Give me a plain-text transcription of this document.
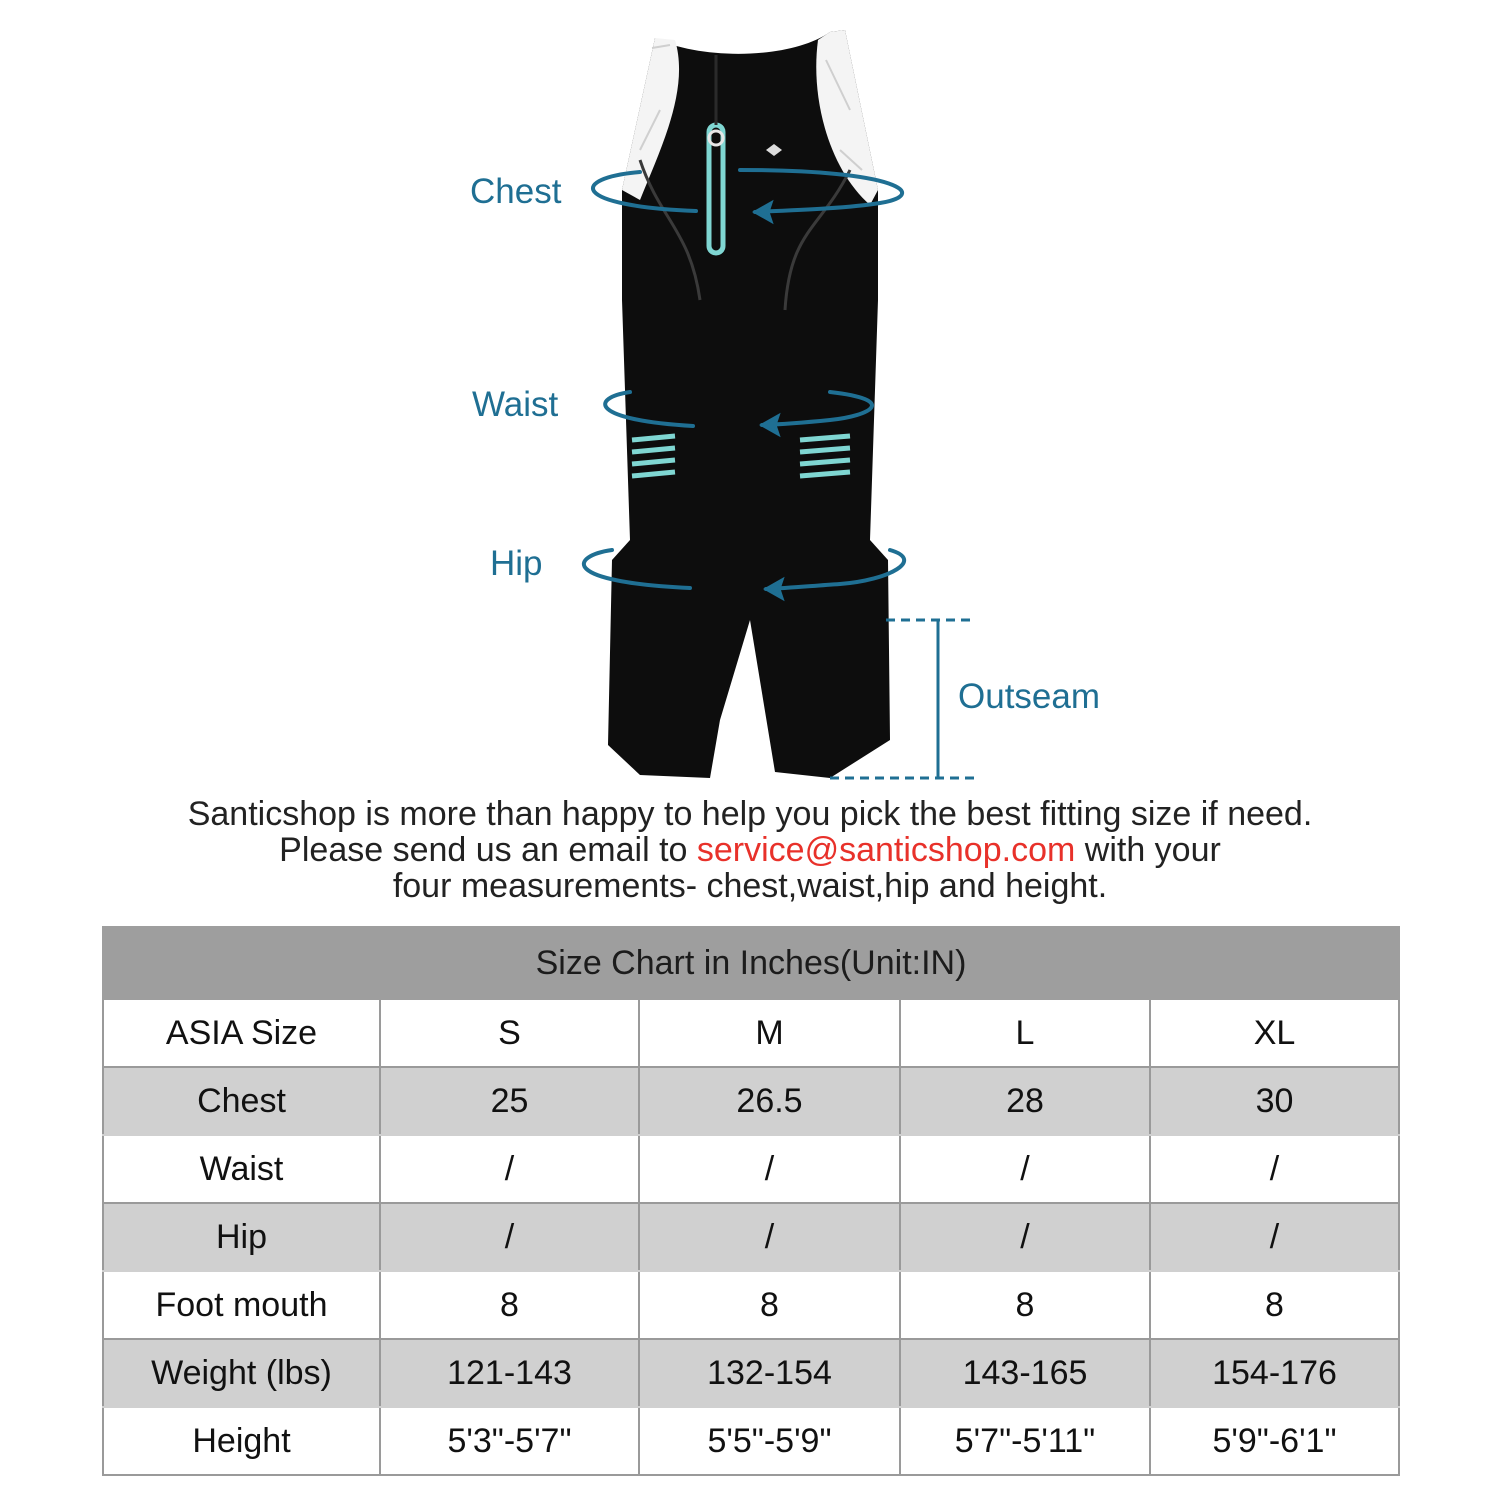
Chest
Waist
Hip
Outseam
Santicshop is more than happy to help you pick the best fitting size if need.
Please send us an email to service@santicshop.com with your
four measurements- chest,waist,hip and height.
Size Chart in Inches(Unit:IN)				
ASIA Size	S	M	L	XL
Chest	25	26.5	28	30
Waist	/	/	/	/
Hip	/	/	/	/
Foot mouth	8	8	8	8
Weight (lbs)	121-143	132-154	143-165	154-176
Height	5'3"-5'7"	5'5"-5'9"	5'7"-5'11"	5'9"-6'1"
